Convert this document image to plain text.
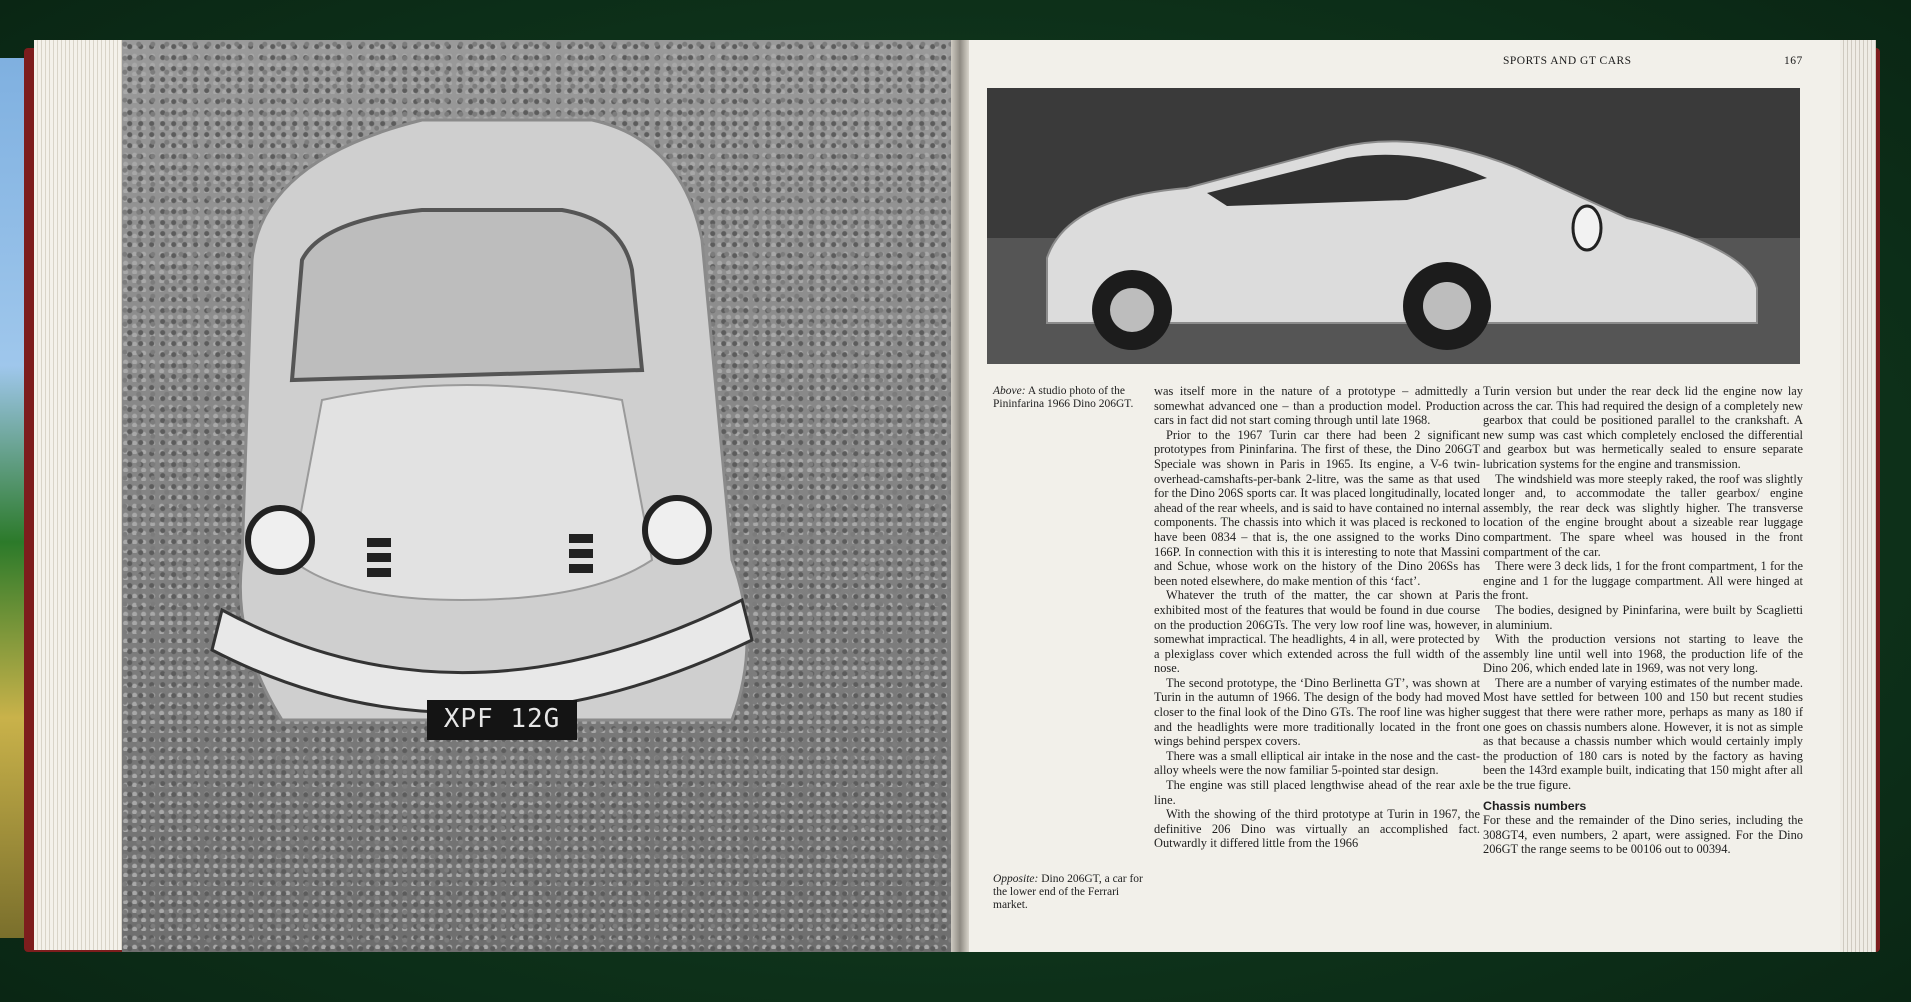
XPF 12G
SPORTS AND GT CARS	167
Above: A studio photo of the Pininfarina 1966 Dino 206GT.
Opposite: Dino 206GT, a car for the lower end of the Ferrari market.

was itself more in the nature of a prototype – admittedly a somewhat advanced one – than a production model. Production cars in fact did not start coming through until late 1968.

Prior to the 1967 Turin car there had been 2 significant prototypes from Pininfarina. The first of these, the Dino 206GT Speciale was shown in Paris in 1965. Its engine, a V-6 twin-overhead-camshafts-per-bank 2-litre, was the same as that used for the Dino 206S sports car. It was placed longitudinally, located ahead of the rear wheels, and is said to have contained no internal components. The chassis into which it was placed is reckoned to have been 0834 – that is, the one assigned to the works Dino 166P. In connection with this it is interesting to note that Massini and Schue, whose work on the history of the Dino 206Ss has been noted elsewhere, do make mention of this ‘fact’.

Whatever the truth of the matter, the car shown at Paris exhibited most of the features that would be found in due course on the production 206GTs. The very low roof line was, however, somewhat impractical. The headlights, 4 in all, were protected by a plexiglass cover which extended across the full width of the nose.

The second prototype, the ‘Dino Berlinetta GT’, was shown at Turin in the autumn of 1966. The design of the body had moved closer to the final look of the Dino GTs. The roof line was higher and the headlights were more traditionally located in the front wings behind perspex covers.

There was a small elliptical air intake in the nose and the cast-alloy wheels were the now familiar 5-pointed star design.

The engine was still placed lengthwise ahead of the rear axle line.

With the showing of the third prototype at Turin in 1967, the definitive 206 Dino was virtually an accomplished fact. Outwardly it differed little from the 1966

Turin version but under the rear deck lid the engine now lay across the car. This had required the design of a completely new gearbox that could be positioned parallel to the crankshaft. A new sump was cast which completely enclosed the differential and gearbox but was hermetically sealed to ensure separate lubrication systems for the engine and transmission.

The windshield was more steeply raked, the roof was slightly longer and, to accommodate the taller gearbox/ engine assembly, the rear deck was slightly higher. The transverse location of the engine brought about a sizeable rear luggage compartment. The spare wheel was housed in the front compartment of the car.

There were 3 deck lids, 1 for the front compartment, 1 for the engine and 1 for the luggage compartment. All were hinged at the front.

The bodies, designed by Pininfarina, were built by Scaglietti in aluminium.

With the production versions not starting to leave the assembly line until well into 1968, the production life of the Dino 206, which ended late in 1969, was not very long.

There are a number of varying estimates of the number made. Most have settled for between 100 and 150 but recent studies suggest that there were rather more, perhaps as many as 180 if one goes on chassis numbers alone. However, it is not as simple as that because a chassis number which would certainly imply the production of 180 cars is noted by the factory as having been the 143rd example built, indicating that 150 might after all be the true figure.

Chassis numbers

For these and the remainder of the Dino series, including the 308GT4, even numbers, 2 apart, were assigned. For the Dino 206GT the range seems to be 00106 out to 00394.
